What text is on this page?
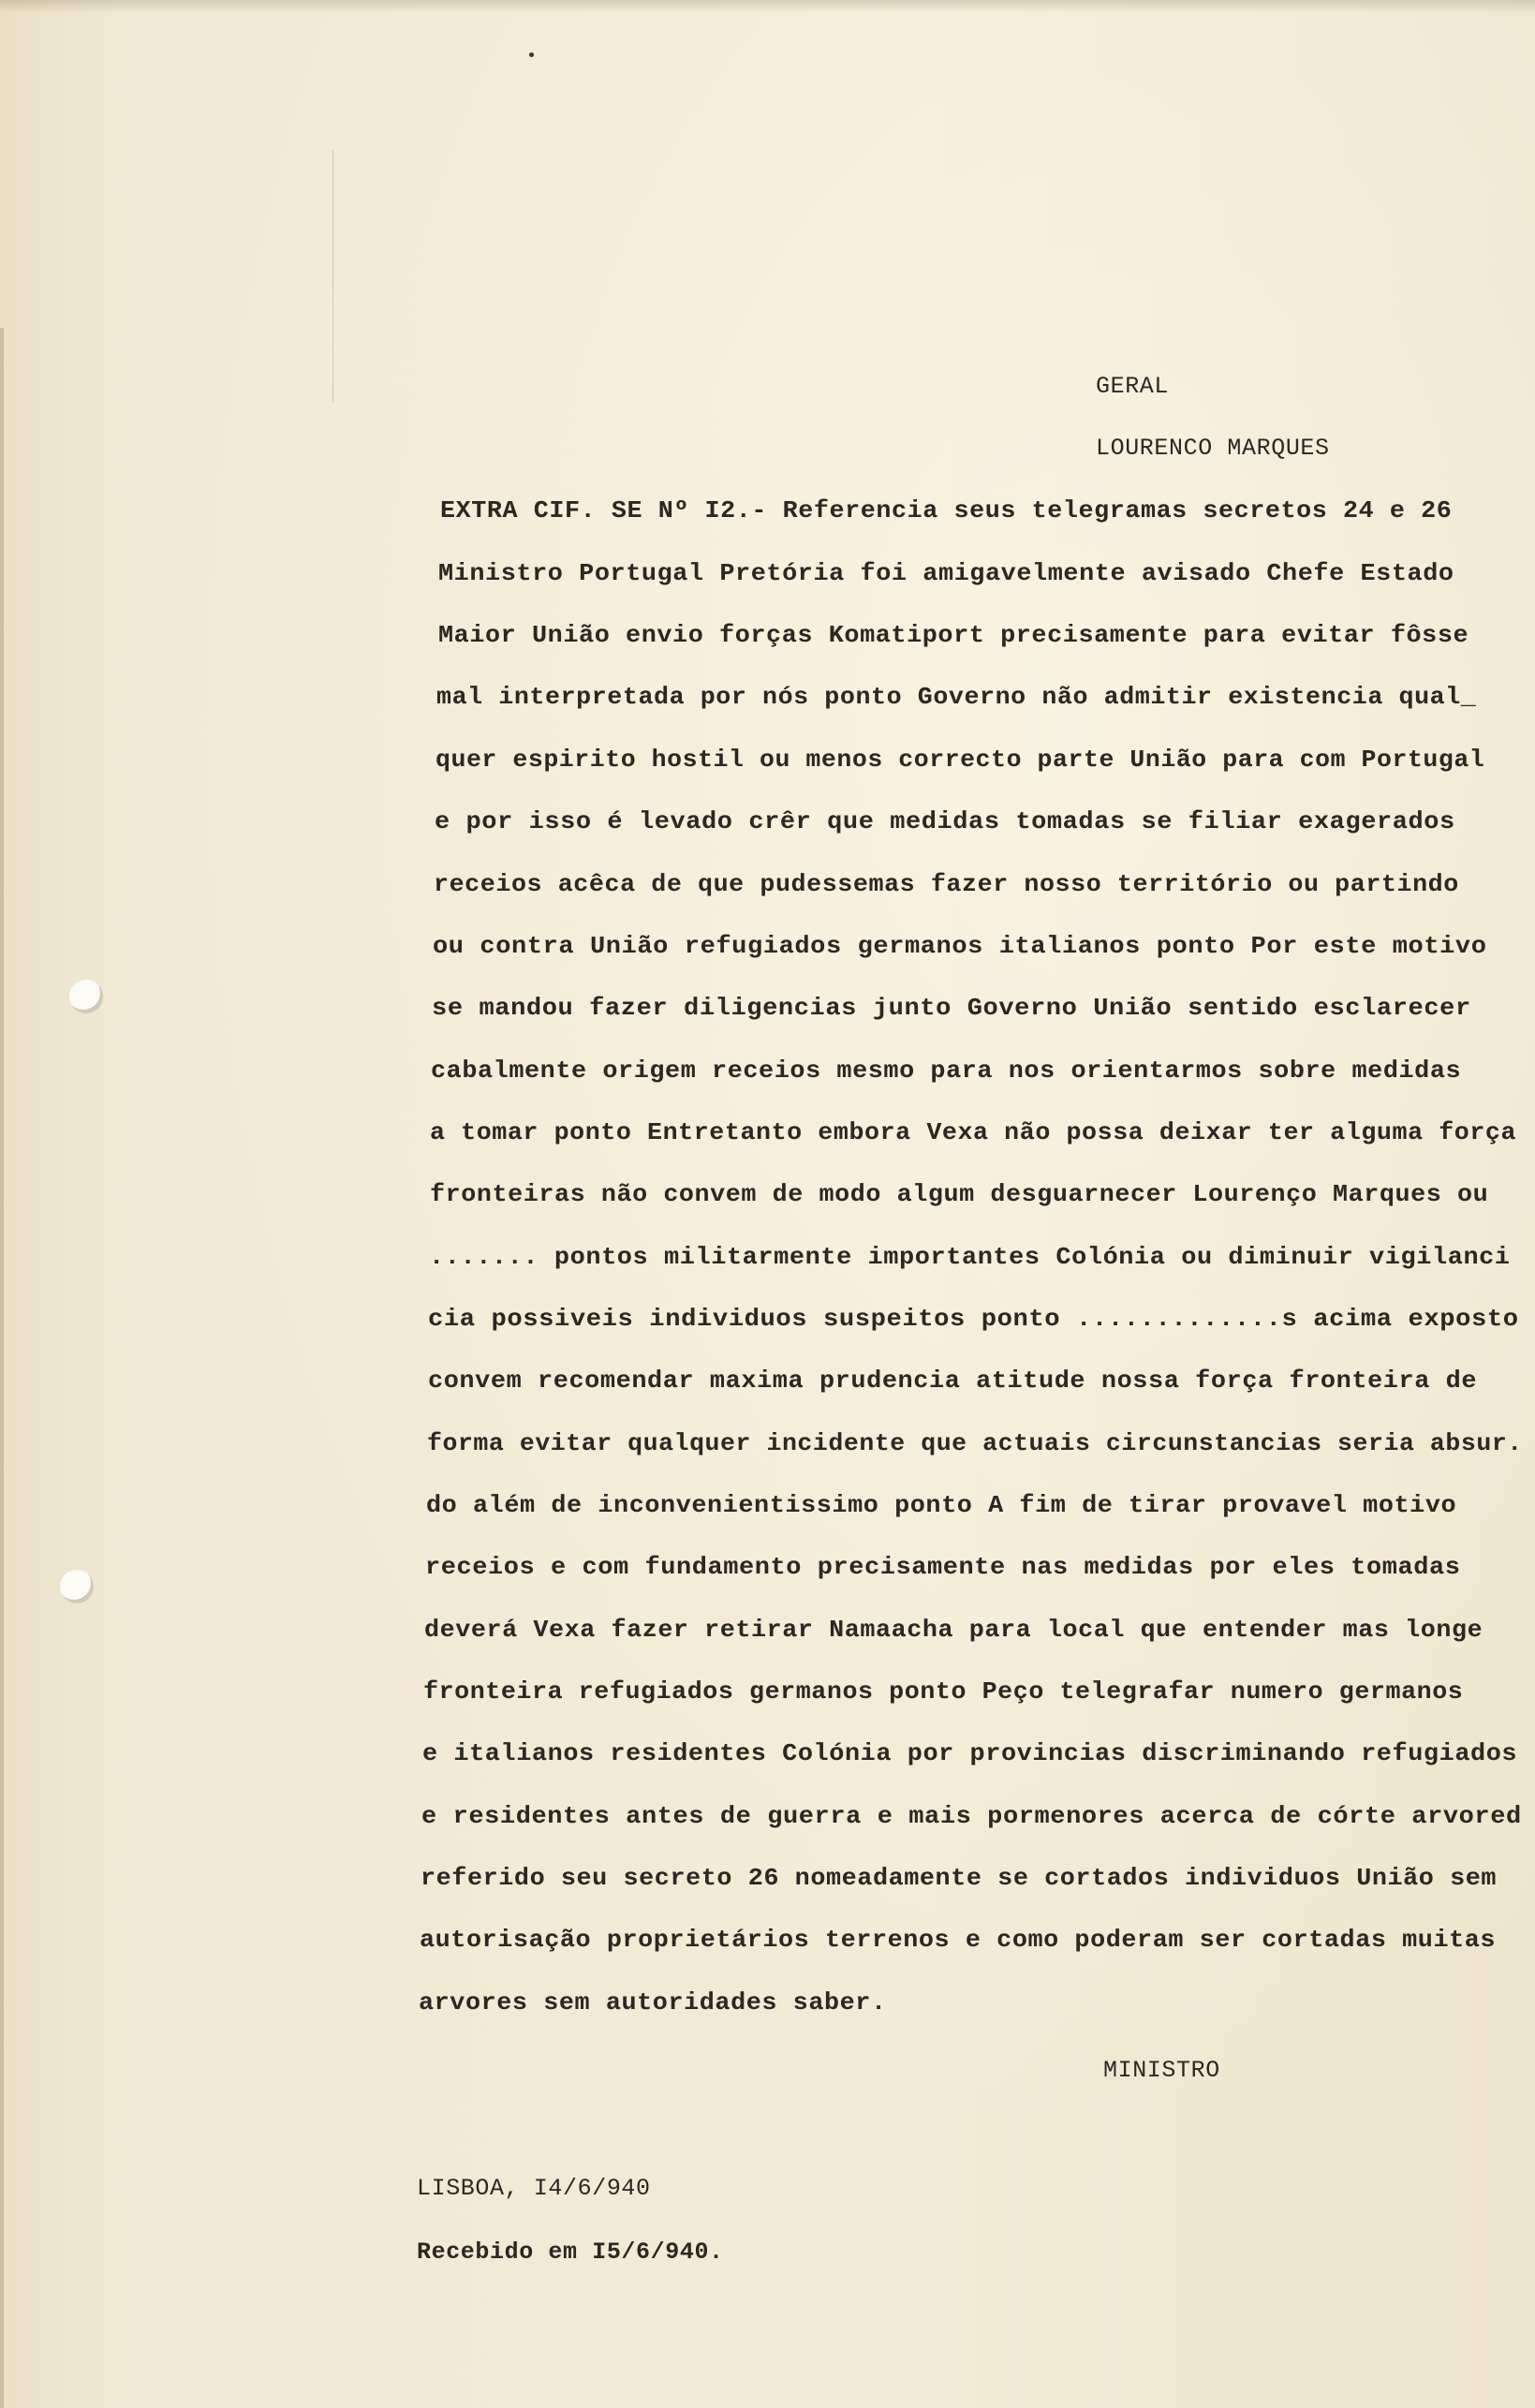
GERAL
LOURENCO MARQUES
EXTRA CIF. SE Nº I2.- Referencia seus telegramas secretos 24 e 26
Ministro Portugal Pretória foi amigavelmente avisado Chefe Estado
Maior União envio forças Komatiport precisamente para evitar fôsse
mal interpretada por nós ponto Governo não admitir existencia qual_
quer espirito hostil ou menos correcto parte União para com Portugal
e por isso é levado crêr que medidas tomadas se filiar exagerados
receios acêca de que pudessemas fazer nosso território ou partindo
ou contra União refugiados germanos italianos ponto Por este motivo
se mandou fazer diligencias junto Governo União sentido esclarecer
cabalmente origem receios mesmo para nos orientarmos sobre medidas
a tomar ponto Entretanto embora Vexa não possa deixar ter alguma força
fronteiras não convem de modo algum desguarnecer Lourenço Marques ou
....... pontos militarmente importantes Colónia ou diminuir vigilanci
cia possiveis individuos suspeitos ponto .............s acima exposto
convem recomendar maxima prudencia atitude nossa força fronteira de
forma evitar qualquer incidente que actuais circunstancias seria absur.
do além de inconvenientissimo ponto A fim de tirar provavel motivo
receios e com fundamento precisamente nas medidas por eles tomadas
deverá Vexa fazer retirar Namaacha para local que entender mas longe
fronteira refugiados germanos ponto Peço telegrafar numero germanos
e italianos residentes Colónia por provincias discriminando refugiados
e residentes antes de guerra e mais pormenores acerca de córte arvored
referido seu secreto 26 nomeadamente se cortados individuos União sem
autorisação proprietários terrenos e como poderam ser cortadas muitas
arvores sem autoridades saber.
MINISTRO
LISBOA, I4/6/940
Recebido em I5/6/940.
